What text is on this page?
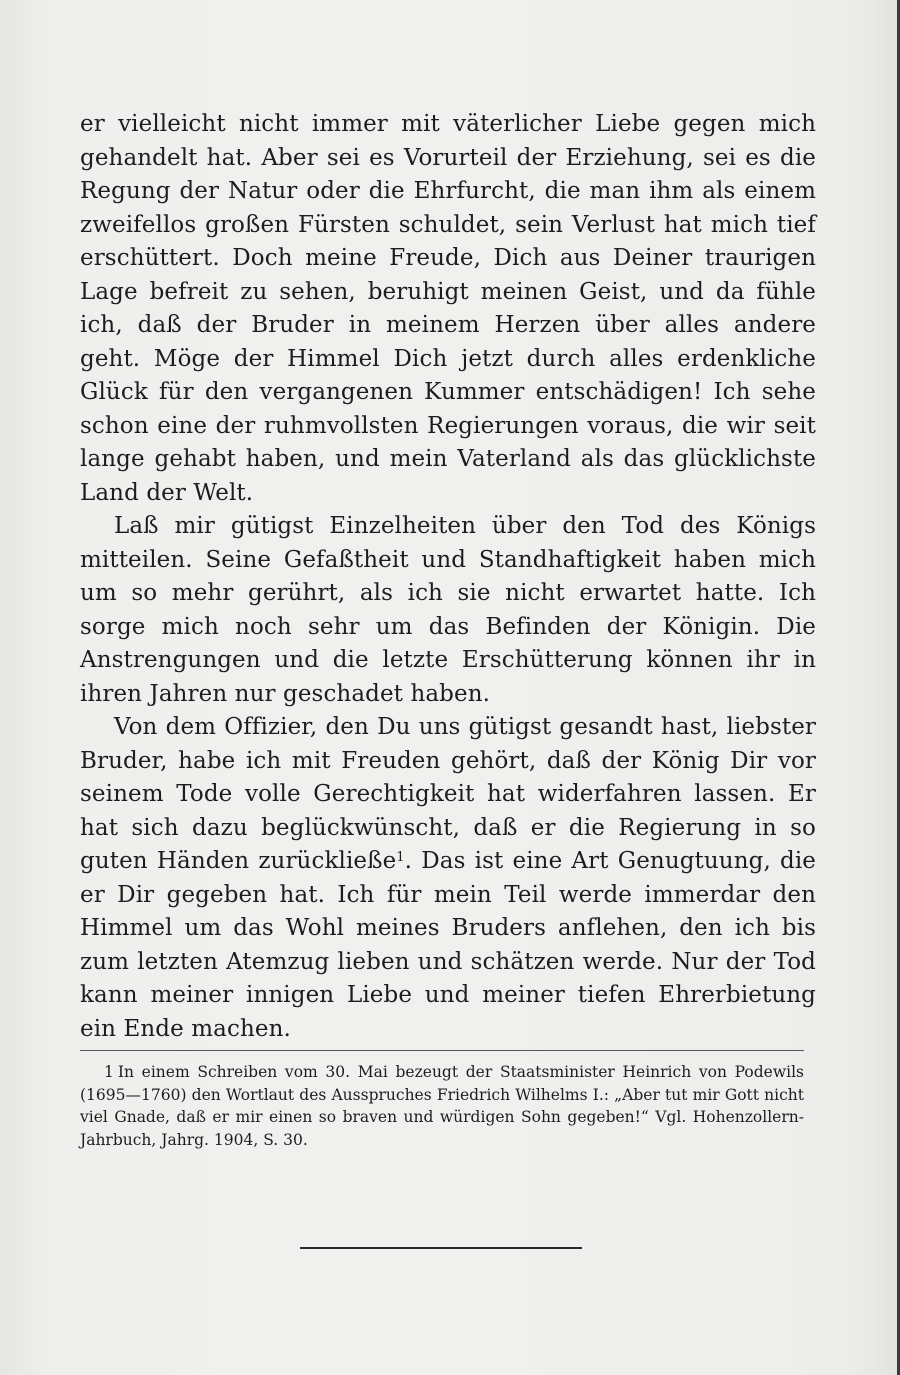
er vielleicht nicht immer mit väterlicher Liebe gegen mich gehandelt hat. Aber sei es Vorurteil der Erziehung, sei es die Regung der Natur oder die Ehrfurcht, die man ihm als einem zweifellos großen Fürsten schuldet, sein Verlust hat mich tief erschüttert. Doch meine Freude, Dich aus Deiner traurigen Lage befreit zu sehen, beruhigt meinen Geist, und da fühle ich, daß der Bruder in meinem Herzen über alles andere geht. Möge der Himmel Dich jetzt durch alles erdenkliche Glück für den vergangenen Kummer entschädigen! Ich sehe schon eine der ruhmvollsten Regierungen voraus, die wir seit lange gehabt haben, und mein Vaterland als das glücklichste Land der Welt.

Laß mir gütigst Einzelheiten über den Tod des Königs mitteilen. Seine Gefaßtheit und Standhaftigkeit haben mich um so mehr gerührt, als ich sie nicht erwartet hatte. Ich sorge mich noch sehr um das Befinden der Königin. Die Anstrengungen und die letzte Erschütterung können ihr in ihren Jahren nur geschadet haben.

Von dem Offizier, den Du uns gütigst gesandt hast, liebster Bruder, habe ich mit Freuden gehört, daß der König Dir vor seinem Tode volle Gerechtigkeit hat widerfahren lassen. Er hat sich dazu beglückwünscht, daß er die Regierung in so guten Händen zurückließe$^1$. Das ist eine Art Genugtuung, die er Dir gegeben hat. Ich für mein Teil werde immerdar den Himmel um das Wohl meines Bruders anflehen, den ich bis zum letzten Atemzug lieben und schätzen werde. Nur der Tod kann meiner innigen Liebe und meiner tiefen Ehrerbietung ein Ende machen.

1 In einem Schreiben vom 30. Mai bezeugt der Staatsminister Heinrich von Podewils (1695—1760) den Wortlaut des Ausspruches Friedrich Wilhelms I.: „Aber tut mir Gott nicht viel Gnade, daß er mir einen so braven und würdigen Sohn gegeben!“ Vgl. Hohenzollern-Jahrbuch, Jahrg. 1904, S. 30.
